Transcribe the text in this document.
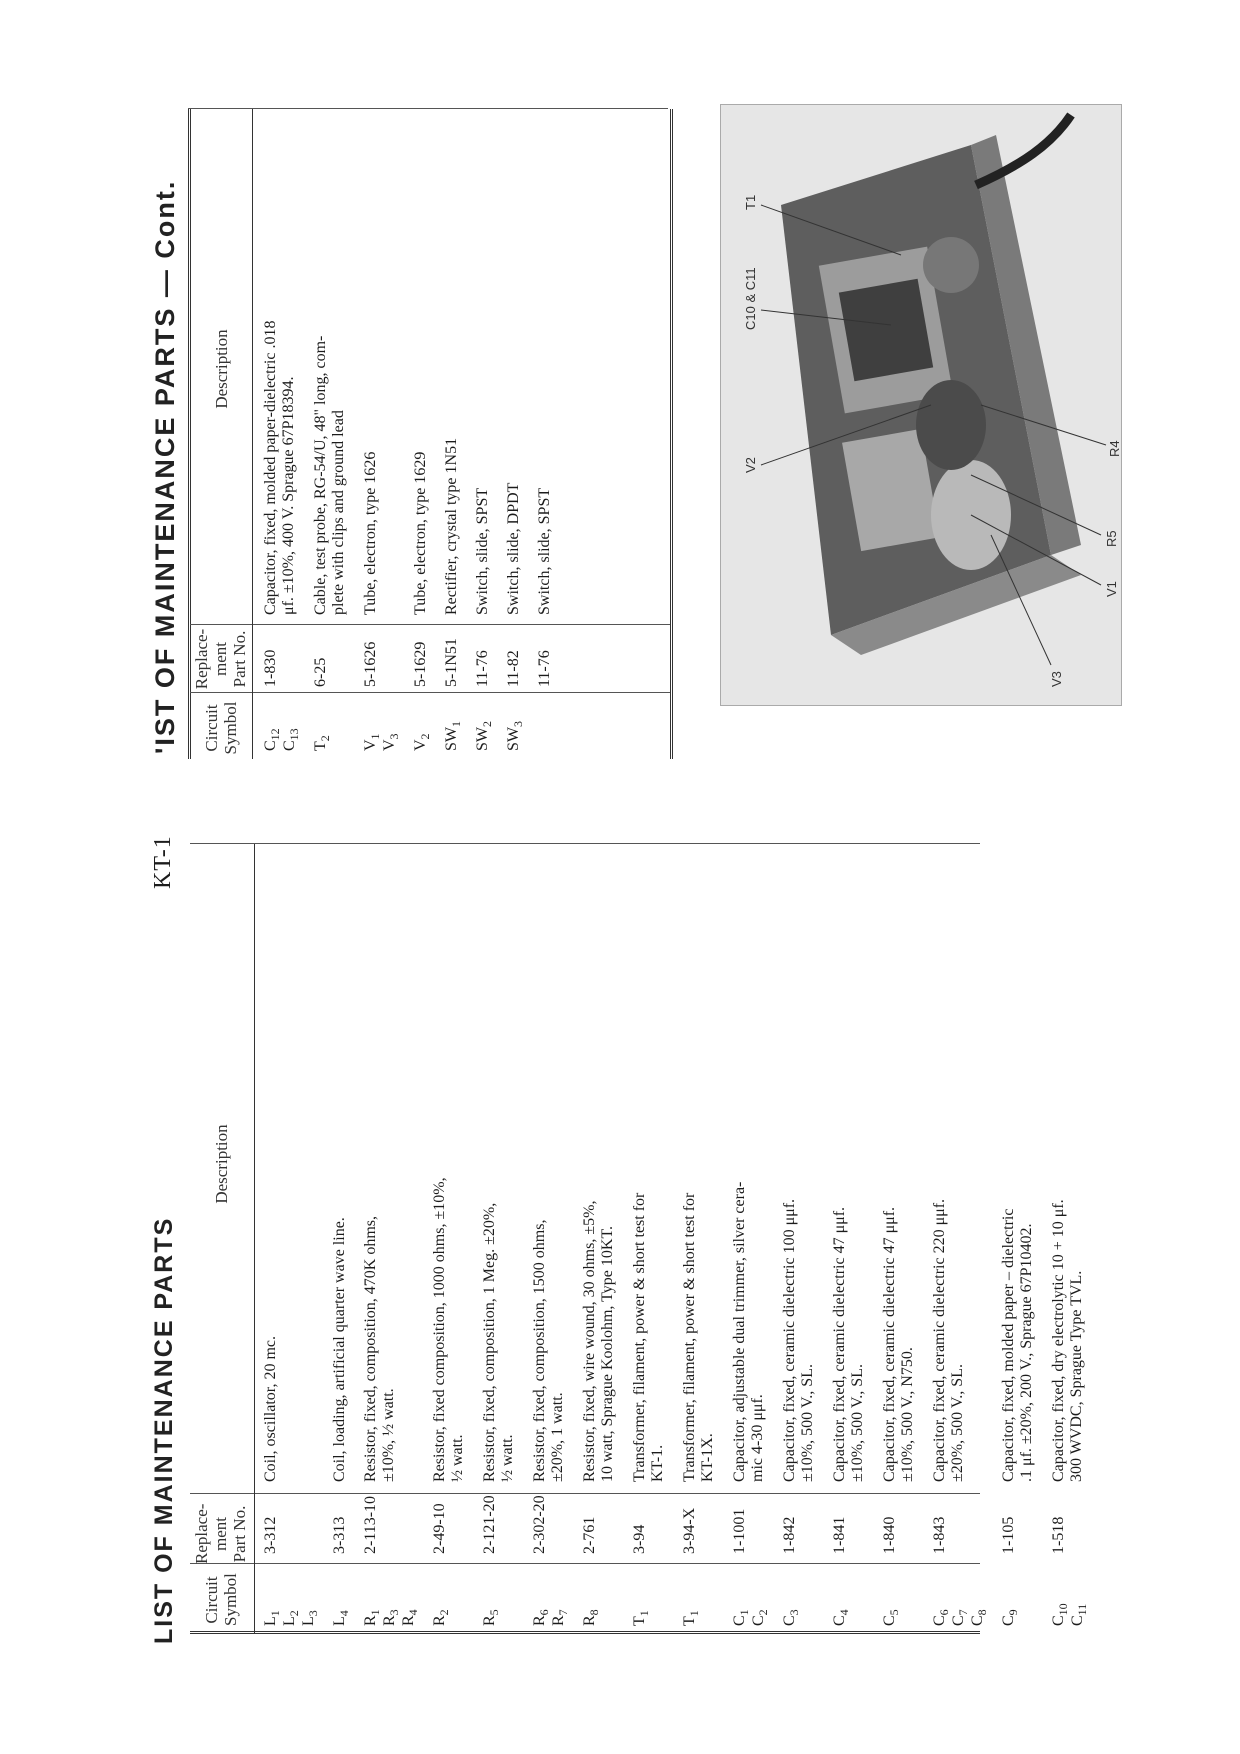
LIST OF MAINTENANCE PARTS
KT-1
Circuit Symbol
Replace- ment Part No.
Description
$L_1$
$L_2$
$L_3$
3-312
Coil, oscillator, 20 mc.
$L_4$
3-313
Coil, loading, artificial quarter wave line.
$R_1$
$R_3$
$R_4$
2-113-10
Resistor, fixed, composition, 470K ohms, ±10%, ½ watt.
$R_2$
2-49-10
Resistor, fixed composition, 1000 ohms, ±10%, ½ watt.
$R_5$
2-121-20
Resistor, fixed, composition, 1 Meg. ±20%, ½ watt.
$R_6$
$R_7$
2-302-20
Resistor, fixed, composition, 1500 ohms, ±20%, 1 watt.
$R_8$
2-761
Resistor, fixed, wire wound, 30 ohms, ±5%, 10 watt, Sprague Koolohm, Type 10KT.
$T_1$
3-94
Transformer, filament, power & short test for KT-1.
$T_1$
3-94-X
Transformer, filament, power & short test for KT-1X.
$C_1$
$C_2$
1-1001
Capacitor, adjustable dual trimmer, silver cera- mic 4-30 μμf.
$C_3$
1-842
Capacitor, fixed, ceramic dielectric 100 μμf. ±10%, 500 V., SL.
$C_4$
1-841
Capacitor, fixed, ceramic dielectric 47 μμf. ±10%, 500 V., SL.
$C_5$
1-840
Capacitor, fixed, ceramic dielectric 47 μμf. ±10%, 500 V., N750.
$C_6$
$C_7$
$C_8$
1-843
Capacitor, fixed, ceramic dielectric 220 μμf. ±20%, 500 V., SL.
$C_9$
1-105
Capacitor, fixed, molded paper – dielectric .1 μf. ±20%, 200 V., Sprague 67P10402.
$C_{10}$
$C_{11}$
1-518
Capacitor, fixed, dry electrolytic 10 + 10 μf. 300 WVDC, Sprague Type TVL.
'IST OF MAINTENANCE PARTS — Cont. Circuit Symbol
Replace- ment Part No.
Description
$C_{12}$
$C_{13}$
1-830
Capacitor, fixed, molded paper-dielectric .018 μf. ±10%, 400 V. Sprague 67P18394.
$T_2$
6-25
Cable, test probe, RG-54/U, 48" long, com- plete with clips and ground lead
$V_1$
$V_3$
5-1626
Tube, electron, type 1626
$V_2$
5-1629
Tube, electron, type 1629
$SW_1$
5-1N51
Rectifier, crystal type 1N51
$SW_2$
11-76
Switch, slide, SPST
$SW_3$
11-82
Switch, slide, DPDT
11-76
Switch, slide, SPST
V2
C10 & C11
T1
V3
V1
R5
R4
